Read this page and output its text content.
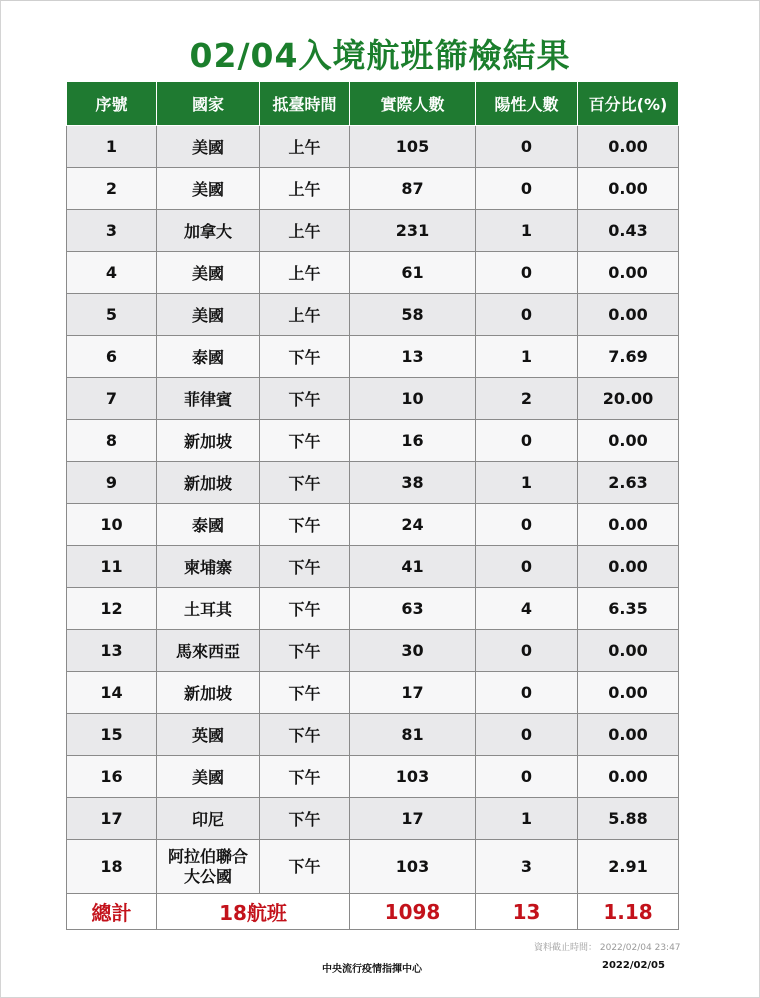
02/04入境航班篩檢結果
序號	國家	抵臺時間	實際人數	陽性人數	百分比(%)
1	美國	上午	105	0	0.00
2	美國	上午	87	0	0.00
3	加拿大	上午	231	1	0.43
4	美國	上午	61	0	0.00
5	美國	上午	58	0	0.00
6	泰國	下午	13	1	7.69
7	菲律賓	下午	10	2	20.00
8	新加坡	下午	16	0	0.00
9	新加坡	下午	38	1	2.63
10	泰國	下午	24	0	0.00
11	柬埔寨	下午	41	0	0.00
12	土耳其	下午	63	4	6.35
13	馬來西亞	下午	30	0	0.00
14	新加坡	下午	17	0	0.00
15	英國	下午	81	0	0.00
16	美國	下午	103	0	0.00
17	印尼	下午	17	1	5.88
18	阿拉伯聯合大公國	下午	103	3	2.91
總計	18航班		1098	13	1.18
資料截止時間： 2022/02/04 23:47
中央流行疫情指揮中心	2022/02/05
